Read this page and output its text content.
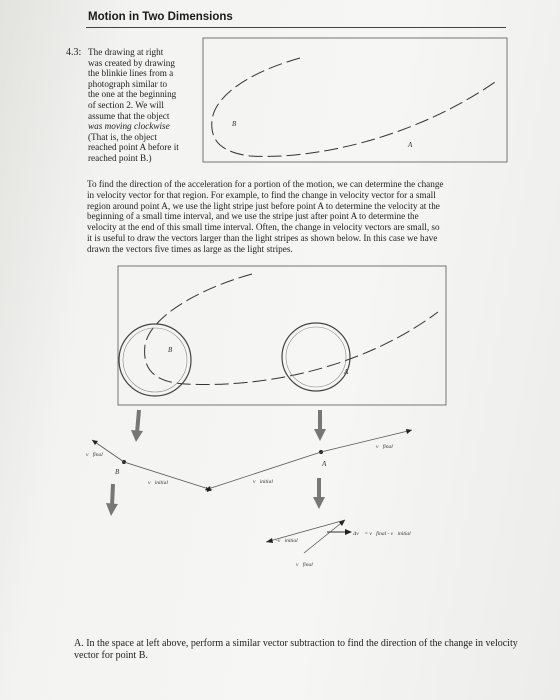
Motion in Two Dimensions
4.3: The drawing at right
was created by drawing
the blinkie lines from a
photograph similar to
the one at the beginning
of section 2. We will
assume that the object
was moving clockwise
(That is, the object
reached point A before it
reached point B.)
To find the direction of the acceleration for a portion of the motion, we can determine the change
in velocity vector for that region. For example, to find the change in velocity vector for a small
region around point A, we use the light stripe just before point A to determine the velocity at the
beginning of a small time interval, and we use the stripe just after point A to determine the
velocity at the end of this small time interval. Often, the change in velocity vectors are small, so
it is useful to draw the vectors larger than the light stripes as shown below. In this case we have
drawn the vectors five times as large as the light stripes.
B
A
B
A
v⃗final
B
v⃗initial
A
v⃗final
v⃗initial
-v⃗initial
v⃗final
Δv⃗ = v⃗final - v⃗initial
A. In the space at left above, perform a similar vector subtraction to find the direction of the change in velocity vector for point B.
